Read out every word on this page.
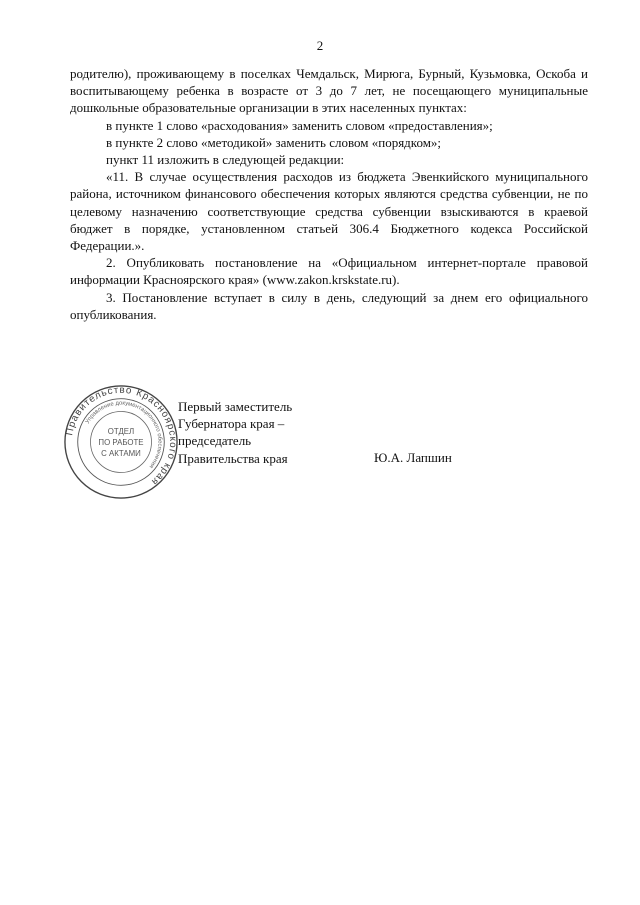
2

родителю), проживающему в поселках Чемдальск, Мирюга, Бурный, Кузьмовка, Оскоба и воспитывающему ребенка в возрасте от 3 до 7 лет, не посещающего муниципальные дошкольные образовательные организации в этих населенных пунктах:

в пункте 1 слово «расходования» заменить словом «предоставления»;

в пункте 2 слово «методикой» заменить словом «порядком»;

пункт 11 изложить в следующей редакции:

«11. В случае осуществления расходов из бюджета Эвенкийского муниципального района, источником финансового обеспечения которых являются средства субвенции, не по целевому назначению соответствующие средства субвенции взыскиваются в краевой бюджет в порядке, установленном статьей 306.4 Бюджетного кодекса Российской Федерации.».

2. Опубликовать постановление на «Официальном интернет-портале правовой информации Красноярского края» (www.zakon.krskstate.ru).

3. Постановление вступает в силу в день, следующий за днем его официального опубликования.

Правительство Красноярского края
Управление документационного обеспечения
ОТДЕЛ
ПО РАБОТЕ
С АКТАМИ
Первый заместитель
Губернатора края –
председатель
Правительства края	Ю.А. Лапшин
